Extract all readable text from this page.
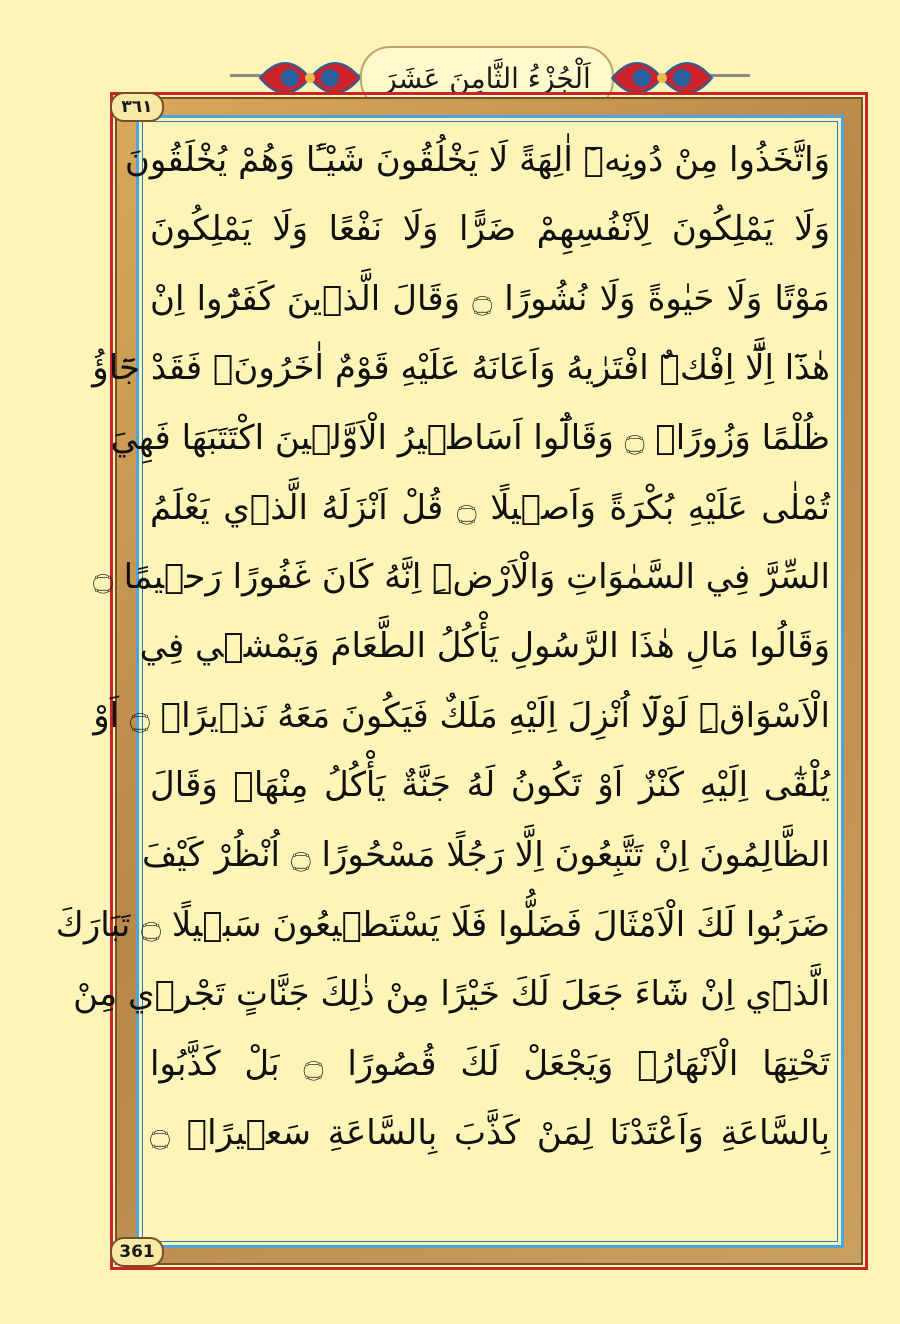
اَلْجُزْءُ الثَّامِنَ عَشَرَ
وَاتَّخَذُوا مِنْ دُونِهٖٓ اٰلِهَةً لَا يَخْلُقُونَ شَيْـًٔا وَهُمْ يُخْلَقُونَ
وَلَا يَمْلِكُونَ لِاَنْفُسِهِمْ ضَرًّا وَلَا نَفْعًا وَلَا يَمْلِكُونَ
مَوْتًا وَلَا حَيٰوةً وَلَا نُشُورًا ۝ وَقَالَ الَّذ۪ينَ كَفَرُٓوا اِنْ
هٰذَٓا اِلَّٓا اِفْكٌۨ افْتَرٰيهُ وَاَعَانَهُ عَلَيْهِ قَوْمٌ اٰخَرُونَۚ فَقَدْ جَٓاؤُ
ظُلْمًا وَزُورًاۚ ۝ وَقَالُٓوا اَسَاط۪يرُ الْاَوَّل۪ينَ اكْتَتَبَهَا فَهِيَ
تُمْلٰى عَلَيْهِ بُكْرَةً وَاَص۪يلًا ۝ قُلْ اَنْزَلَهُ الَّذ۪ي يَعْلَمُ
السِّرَّ فِي السَّمٰوَاتِ وَالْاَرْضِۜ اِنَّهُ كَانَ غَفُورًا رَح۪يمًا ۝
وَقَالُوا مَالِ هٰذَا الرَّسُولِ يَأْكُلُ الطَّعَامَ وَيَمْش۪ي فِي
الْاَسْوَاقِۜ لَوْلَٓا اُنْزِلَ اِلَيْهِ مَلَكٌ فَيَكُونَ مَعَهُ نَذ۪يرًاۙ ۝ اَوْ
يُلْقٰٓى اِلَيْهِ كَنْزٌ اَوْ تَكُونُ لَهُ جَنَّةٌ يَأْكُلُ مِنْهَاۜ وَقَالَ
الظَّالِمُونَ اِنْ تَتَّبِعُونَ اِلَّا رَجُلًا مَسْحُورًا ۝ اُنْظُرْ كَيْفَ
ضَرَبُوا لَكَ الْاَمْثَالَ فَضَلُّوا فَلَا يَسْتَط۪يعُونَ سَب۪يلًا ۝ تَبَارَكَ
الَّذ۪ٓي اِنْ شَٓاءَ جَعَلَ لَكَ خَيْرًا مِنْ ذٰلِكَ جَنَّاتٍ تَجْر۪ي مِنْ
تَحْتِهَا الْاَنْهَارُۙ وَيَجْعَلْ لَكَ قُصُورًا ۝ بَلْ كَذَّبُوا
بِالسَّاعَةِ وَاَعْتَدْنَا لِمَنْ كَذَّبَ بِالسَّاعَةِ سَع۪يرًاۚ ۝
٣٦١
361
